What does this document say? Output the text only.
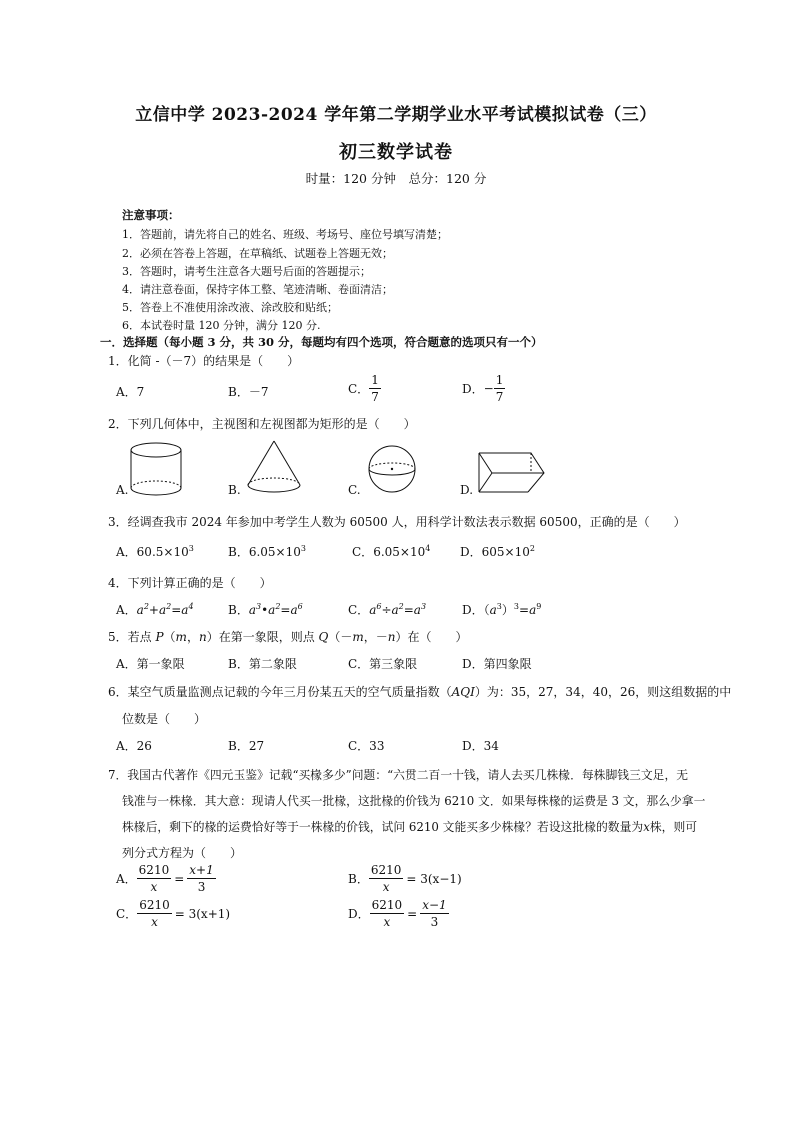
立信中学 2023-2024 学年第二学期学业水平考试模拟试卷（三）
初三数学试卷
时量：120 分钟　总分：120 分
注意事项：
1．答题前，请先将自己的姓名、班级、考场号、座位号填写清楚；
2．必须在答卷上答题，在草稿纸、试题卷上答题无效；
3．答题时，请考生注意各大题号后面的答题提示；
4．请注意卷面，保持字体工整、笔迹清晰、卷面清洁；
5．答卷上不准使用涂改液、涂改胶和贴纸；
6．本试卷时量 120 分钟，满分 120 分.
一．选择题（每小题 3 分，共 30 分，每题均有四个选项，符合题意的选项只有一个）
1．化简 -（－7）的结果是（　　）
A．7	B．－7	C． $\frac{1}{7}$	D．− $\frac{1}{7}$
2．下列几何体中，主视图和左视图都为矩形的是（　　）
A.	B.	C.	D.
3．经调查我市 2024 年参加中考学生人数为 60500 人，用科学计数法表示数据 60500，正确的是（　　）
A．$60.5\times 10^3$	B．$6.05\times 10^3$	C．$6.05\times 10^4$ D．$605\times 10^2$
4．下列计算正确的是（　　）
A．$a^2+a^2=a^4$	B．$a^3•a^2=a^6$	C．$a^6\div a^2=a^3$	D．$(a^3)^3=a^9$
5．若点 P（m，n）在第一象限，则点 Q（－m，－n）在（　　）
A．第一象限	B．第二象限	C．第三象限	D．第四象限
6．某空气质量监测点记载的今年三月份某五天的空气质量指数（AQI）为：35，27，34，40，26，则这组数据的中
位数是（　　）
A．26	B．27	C．33	D．34
7．我国古代著作《四元玉鉴》记载“买椽多少”问题：“六贯二百一十钱，请人去买几株椽．每株脚钱三文足，无
钱准与一株椽．其大意：现请人代买一批椽，这批椽的价钱为 6210 文．如果每株椽的运费是 3 文，那么少拿一
株椽后，剩下的椽的运费恰好等于一株椽的价钱，试问 6210 文能买多少株椽？若设这批椽的数量为x株，则可
列分式方程为（　　）
A． $\frac{6210}{x} = \frac{x+1}{3}$	B． $\frac{6210}{x} = 3(x-1)$
C． $\frac{6210}{x} = 3(x+1)$	D． $\frac{6210}{x} = \frac{x-1}{3}$
